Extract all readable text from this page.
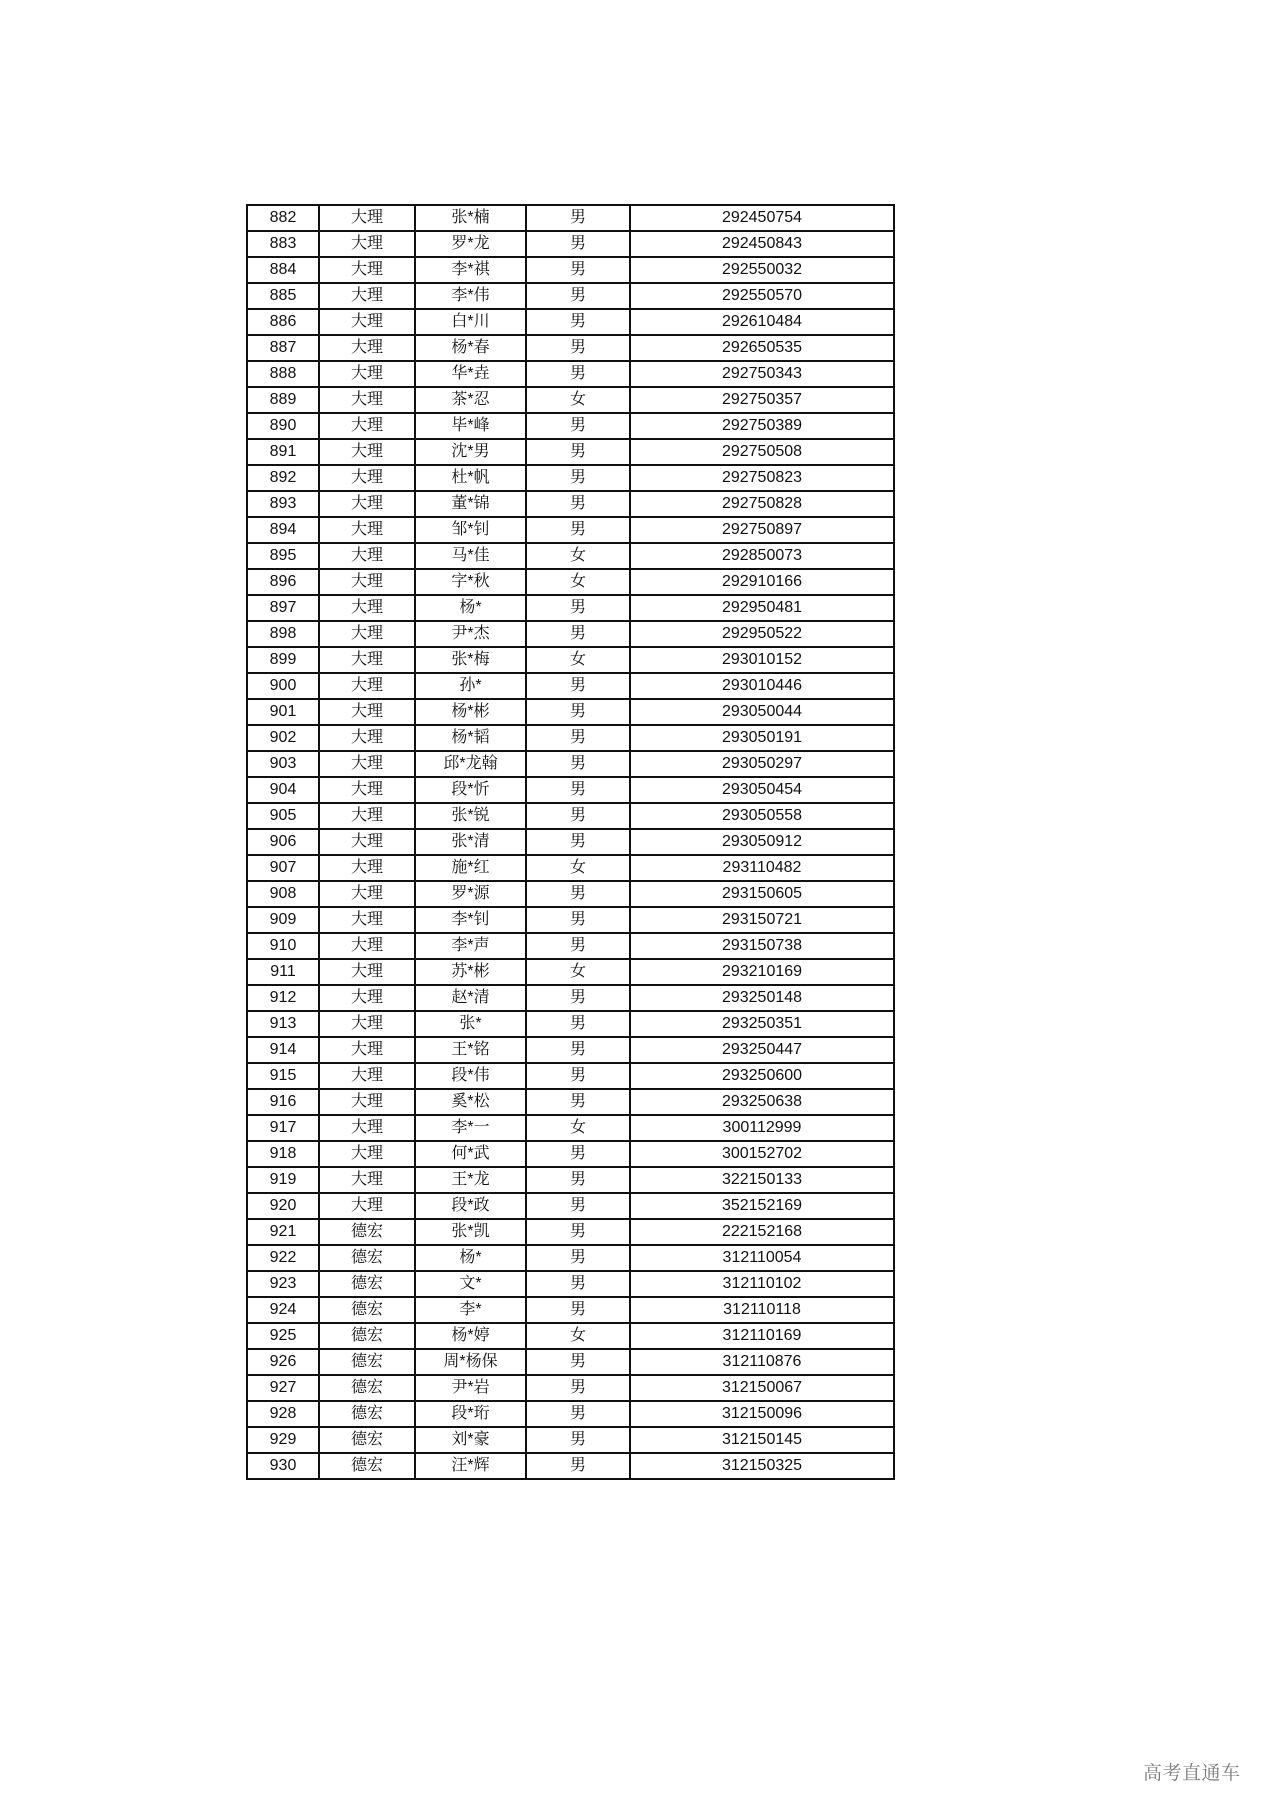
882	大理	张*楠	男	292450754
883	大理	罗*龙	男	292450843
884	大理	李*祺	男	292550032
885	大理	李*伟	男	292550570
886	大理	白*川	男	292610484
887	大理	杨*春	男	292650535
888	大理	华*垚	男	292750343
889	大理	茶*忍	女	292750357
890	大理	毕*峰	男	292750389
891	大理	沈*男	男	292750508
892	大理	杜*帆	男	292750823
893	大理	董*锦	男	292750828
894	大理	邹*钊	男	292750897
895	大理	马*佳	女	292850073
896	大理	字*秋	女	292910166
897	大理	杨*	男	292950481
898	大理	尹*杰	男	292950522
899	大理	张*梅	女	293010152
900	大理	孙*	男	293010446
901	大理	杨*彬	男	293050044
902	大理	杨*韬	男	293050191
903	大理	邱*龙翰	男	293050297
904	大理	段*忻	男	293050454
905	大理	张*锐	男	293050558
906	大理	张*清	男	293050912
907	大理	施*红	女	293110482
908	大理	罗*源	男	293150605
909	大理	李*钊	男	293150721
910	大理	李*声	男	293150738
911	大理	苏*彬	女	293210169
912	大理	赵*清	男	293250148
913	大理	张*	男	293250351
914	大理	王*铭	男	293250447
915	大理	段*伟	男	293250600
916	大理	奚*松	男	293250638
917	大理	李*一	女	300112999
918	大理	何*武	男	300152702
919	大理	王*龙	男	322150133
920	大理	段*政	男	352152169
921	德宏	张*凯	男	222152168
922	德宏	杨*	男	312110054
923	德宏	文*	男	312110102
924	德宏	李*	男	312110118
925	德宏	杨*婷	女	312110169
926	德宏	周*杨保	男	312110876
927	德宏	尹*岩	男	312150067
928	德宏	段*珩	男	312150096
929	德宏	刘*豪	男	312150145
930	德宏	汪*辉	男	312150325
高考直通车
